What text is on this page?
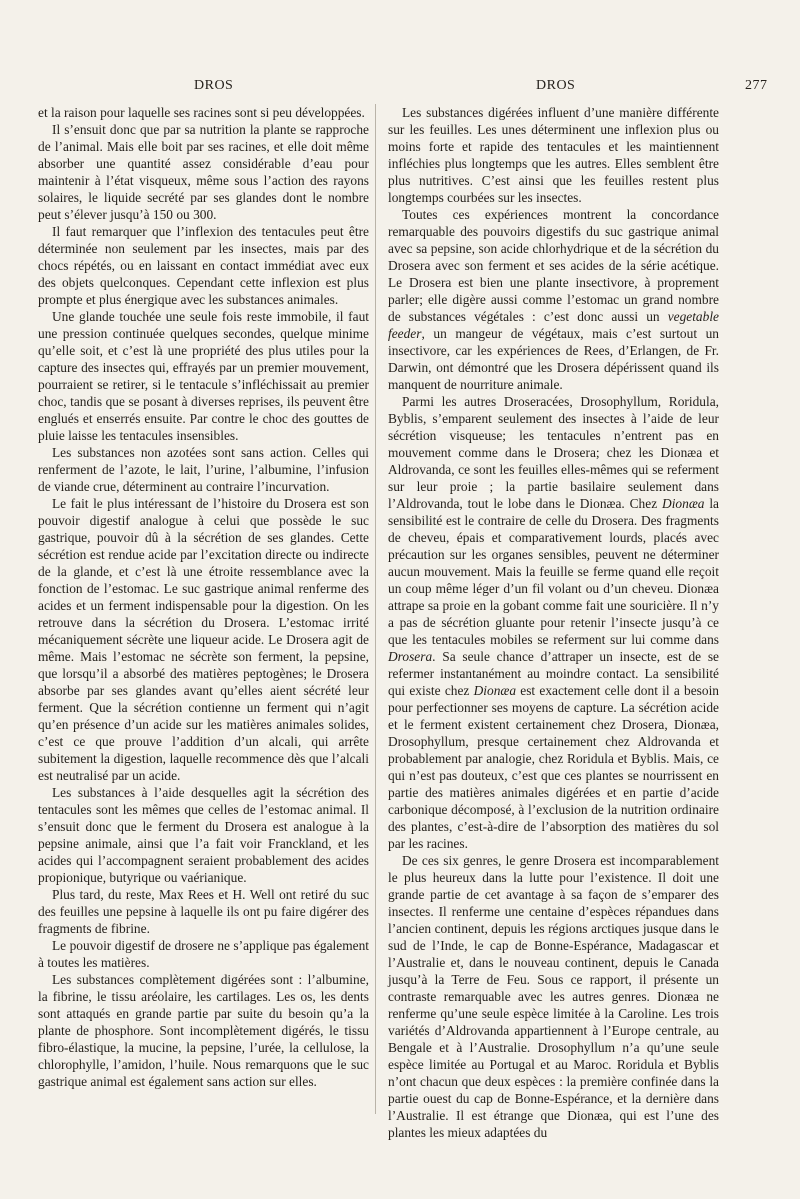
DROS	DROS	277

et la raison pour laquelle ses racines sont si peu développées.

Il s’ensuit donc que par sa nutrition la plante se rapproche de l’animal. Mais elle boit par ses racines, et elle doit même absorber une quantité assez considérable d’eau pour maintenir à l’état visqueux, même sous l’action des rayons solaires, le liquide secrété par ses glandes dont le nombre peut s’élever jusqu’à 150 ou 300.

Il faut remarquer que l’inflexion des tentacules peut être déterminée non seulement par les insectes, mais par des chocs répétés, ou en laissant en contact immédiat avec eux des objets quelconques. Cependant cette inflexion est plus prompte et plus énergique avec les substances animales.

Une glande touchée une seule fois reste immobile, il faut une pression continuée quelques secondes, quelque minime qu’elle soit, et c’est là une propriété des plus utiles pour la capture des insectes qui, effrayés par un premier mouvement, pourraient se retirer, si le tentacule s’infléchissait au premier choc, tandis que se posant à diverses reprises, ils peuvent être englués et enserrés ensuite. Par contre le choc des gouttes de pluie laisse les tentacules insensibles.

Les substances non azotées sont sans action. Celles qui renferment de l’azote, le lait, l’urine, l’albumine, l’infusion de viande crue, déterminent au contraire l’incurvation.

Le fait le plus intéressant de l’histoire du Drosera est son pouvoir digestif analogue à celui que possède le suc gastrique, pouvoir dû à la sécrétion de ses glandes. Cette sécrétion est rendue acide par l’excitation directe ou indirecte de la glande, et c’est là une étroite ressemblance avec la fonction de l’estomac. Le suc gastrique animal renferme des acides et un ferment indispensable pour la digestion. On les retrouve dans la sécrétion du Drosera. L’estomac irrité mécaniquement sécrète une liqueur acide. Le Drosera agit de même. Mais l’estomac ne sécrète son ferment, la pepsine, que lorsqu’il a absorbé des matières peptogènes; le Drosera absorbe par ses glandes avant qu’elles aient sécrété leur ferment. Que la sécrétion contienne un ferment qui n’agit qu’en présence d’un acide sur les matières animales solides, c’est ce que prouve l’addition d’un alcali, qui arrête subitement la digestion, laquelle recommence dès que l’alcali est neutralisé par un acide.

Les substances à l’aide desquelles agit la sécrétion des tentacules sont les mêmes que celles de l’estomac animal. Il s’ensuit donc que le ferment du Drosera est analogue à la pepsine animale, ainsi que l’a fait voir Franckland, et les acides qui l’accompagnent seraient probablement des acides propionique, butyrique ou vaérianique.

Plus tard, du reste, Max Rees et H. Well ont retiré du suc des feuilles une pepsine à laquelle ils ont pu faire digérer des fragments de fibrine.

Le pouvoir digestif de drosere ne s’applique pas également à toutes les matières.

Les substances complètement digérées sont : l’albumine, la fibrine, le tissu aréolaire, les cartilages. Les os, les dents sont attaqués en grande partie par suite du besoin qu’a la plante de phosphore. Sont incomplètement digérés, le tissu fibro-élastique, la mucine, la pepsine, l’urée, la cellulose, la chlorophylle, l’amidon, l’huile. Nous remarquons que le suc gastrique animal est également sans action sur elles.

Les substances digérées influent d’une manière différente sur les feuilles. Les unes déterminent une inflexion plus ou moins forte et rapide des tentacules et les maintiennent infléchies plus longtemps que les autres. Elles semblent être plus nutritives. C’est ainsi que les feuilles restent plus longtemps courbées sur les insectes.

Toutes ces expériences montrent la concordance remarquable des pouvoirs digestifs du suc gastrique animal avec sa pepsine, son acide chlorhydrique et de la sécrétion du Drosera avec son ferment et ses acides de la série acétique. Le Drosera est bien une plante insectivore, à proprement parler; elle digère aussi comme l’estomac un grand nombre de substances végétales : c’est donc aussi un vegetable feeder, un mangeur de végétaux, mais c’est surtout un insectivore, car les expériences de Rees, d’Erlangen, de Fr. Darwin, ont démontré que les Drosera dépérissent quand ils manquent de nourriture animale.

Parmi les autres Droseracées, Drosophyllum, Roridula, Byblis, s’emparent seulement des insectes à l’aide de leur sécrétion visqueuse; les tentacules n’entrent pas en mouvement comme dans le Drosera; chez les Dionæa et Aldrovanda, ce sont les feuilles elles-mêmes qui se referment sur leur proie ; la partie basilaire seulement dans l’Aldrovanda, tout le lobe dans le Dionæa. Chez Dionæa la sensibilité est le contraire de celle du Drosera. Des fragments de cheveu, épais et comparativement lourds, placés avec précaution sur les organes sensibles, peuvent ne déterminer aucun mouvement. Mais la feuille se ferme quand elle reçoit un coup même léger d’un fil volant ou d’un cheveu. Dionæa attrape sa proie en la gobant comme fait une souricière. Il n’y a pas de sécrétion gluante pour retenir l’insecte jusqu’à ce que les tentacules mobiles se referment sur lui comme dans Drosera. Sa seule chance d’attraper un insecte, est de se refermer instantanément au moindre contact. La sensibilité qui existe chez Dionæa est exactement celle dont il a besoin pour perfectionner ses moyens de capture. La sécrétion acide et le ferment existent certainement chez Drosera, Dionæa, Drosophyllum, presque certainement chez Aldrovanda et probablement par analogie, chez Roridula et Byblis. Mais, ce qui n’est pas douteux, c’est que ces plantes se nourrissent en partie des matières animales digérées et en partie d’acide carbonique décomposé, à l’exclusion de la nutrition ordinaire des plantes, c’est-à-dire de l’absorption des matières du sol par les racines.

De ces six genres, le genre Drosera est incomparablement le plus heureux dans la lutte pour l’existence. Il doit une grande partie de cet avantage à sa façon de s’emparer des insectes. Il renferme une centaine d’espèces répandues dans l’ancien continent, depuis les régions arctiques jusque dans le sud de l’Inde, le cap de Bonne-Espérance, Madagascar et l’Australie et, dans le nouveau continent, depuis le Canada jusqu’à la Terre de Feu. Sous ce rapport, il présente un contraste remarquable avec les autres genres. Dionæa ne renferme qu’une seule espèce limitée à la Caroline. Les trois variétés d’Aldrovanda appartiennent à l’Europe centrale, au Bengale et à l’Australie. Drosophyllum n’a qu’une seule espèce limitée au Portugal et au Maroc. Roridula et Byblis n’ont chacun que deux espèces : la première confinée dans la partie ouest du cap de Bonne-Espérance, et la dernière dans l’Australie. Il est étrange que Dionæa, qui est l’une des plantes les mieux adaptées du
